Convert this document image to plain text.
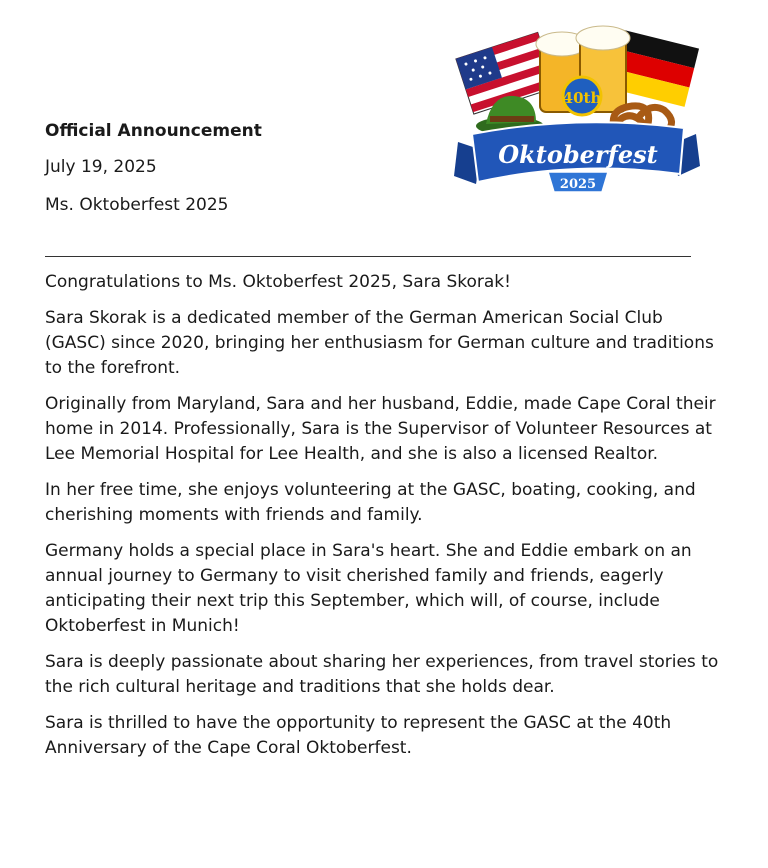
40th
Oktoberfest
2025
Official Announcement
July 19, 2025
Ms. Oktoberfest 2025

Congratulations to Ms. Oktoberfest 2025, Sara Skorak!

Sara Skorak is a dedicated member of the German American Social Club (GASC) since 2020, bringing her enthusiasm for German culture and traditions to the forefront.

Originally from Maryland, Sara and her husband, Eddie, made Cape Coral their home in 2014. Professionally, Sara is the Supervisor of Volunteer Resources at Lee Memorial Hospital for Lee Health, and she is also a licensed Realtor.

In her free time, she enjoys volunteering at the GASC, boating, cooking, and cherishing moments with friends and family.

Germany holds a special place in Sara's heart. She and Eddie embark on an annual journey to Germany to visit cherished family and friends, eagerly anticipating their next trip this September, which will, of course, include Oktoberfest in Munich!

Sara is deeply passionate about sharing her experiences, from travel stories to the rich cultural heritage and traditions that she holds dear.

Sara is thrilled to have the opportunity to represent the GASC at the 40th Anniversary of the Cape Coral Oktoberfest.
